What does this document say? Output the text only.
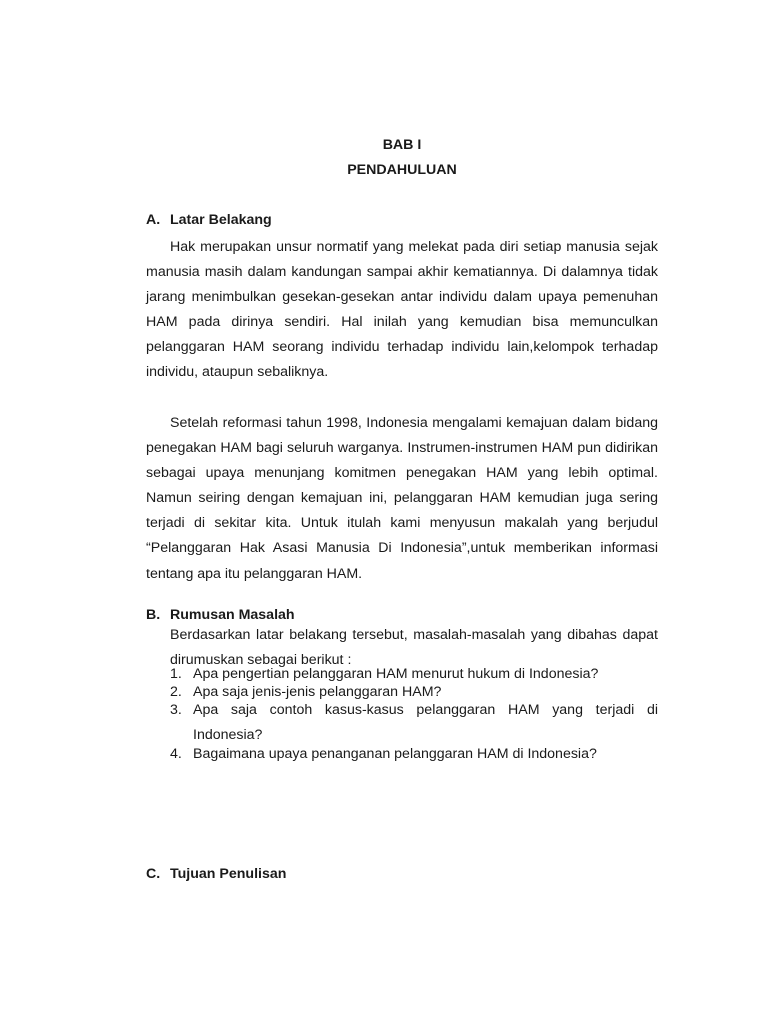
BAB I
PENDAHULUAN
A. Latar Belakang

Hak merupakan unsur normatif yang melekat pada diri setiap manusia sejak manusia masih dalam kandungan sampai akhir kematiannya. Di dalamnya tidak jarang menimbulkan gesekan-gesekan antar individu dalam upaya pemenuhan HAM pada dirinya sendiri. Hal inilah yang kemudian bisa memunculkan pelanggaran HAM seorang individu terhadap individu lain,kelompok terhadap individu, ataupun sebaliknya.

Setelah reformasi tahun 1998, Indonesia mengalami kemajuan dalam bidang penegakan HAM bagi seluruh warganya. Instrumen-instrumen HAM pun didirikan sebagai upaya menunjang komitmen penegakan HAM yang lebih optimal. Namun seiring dengan kemajuan ini, pelanggaran HAM kemudian juga sering terjadi di sekitar kita. Untuk itulah kami menyusun makalah yang berjudul “Pelanggaran Hak Asasi Manusia Di Indonesia”,untuk memberikan informasi tentang apa itu pelanggaran HAM.

B. Rumusan Masalah

Berdasarkan latar belakang tersebut, masalah-masalah yang dibahas dapat dirumuskan sebagai berikut :

1. Apa pengertian pelanggaran HAM menurut hukum di Indonesia?
2. Apa saja jenis-jenis pelanggaran HAM?
3. Apa saja contoh kasus-kasus pelanggaran HAM yang terjadi di Indonesia?
4. Bagaimana upaya penanganan pelanggaran HAM di Indonesia?
C. Tujuan Penulisan
